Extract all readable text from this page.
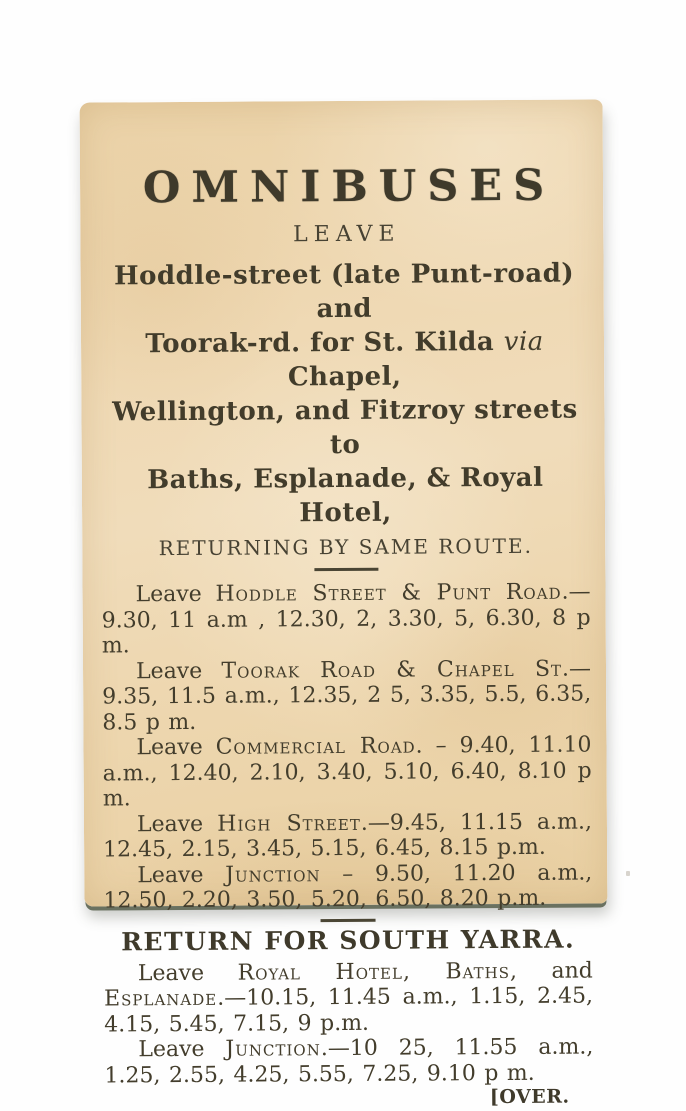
OMNIBUSES
LEAVE
Hoddle-street (late Punt-road) and
Toorak-rd. for St. Kilda via Chapel,
Wellington, and Fitzroy streets to
Baths, Esplanade, & Royal Hotel,
RETURNING BY SAME ROUTE.

Leave Hoddle Street & Punt Road.— 9.30, 11 a.m , 12.30, 2, 3.30, 5, 6.30, 8 p m.

Leave Toorak Road & Chapel St.— 9.35, 11.5 a.m., 12.35, 2 5, 3.35, 5.5, 6.35, 8.5 p m.

Leave Commercial Road. – 9.40, 11.10 a.m., 12.40, 2.10, 3.40, 5.10, 6.40, 8.10 p m.

Leave High Street.—9.45, 11.15 a.m., 12.45, 2.15, 3.45, 5.15, 6.45, 8.15 p.m.

Leave Junction – 9.50, 11.20 a.m., 12.50, 2.20, 3.50, 5.20, 6.50, 8.20 p.m.

RETURN FOR SOUTH YARRA.

Leave Royal Hotel, Baths, and Esplanade.—10.15, 11.45 a.m., 1.15, 2.45, 4.15, 5.45, 7.15, 9 p.m.

Leave Junction.—10 25, 11.55 a.m., 1.25, 2.55, 4.25, 5.55, 7.25, 9.10 p m.

[OVER.
